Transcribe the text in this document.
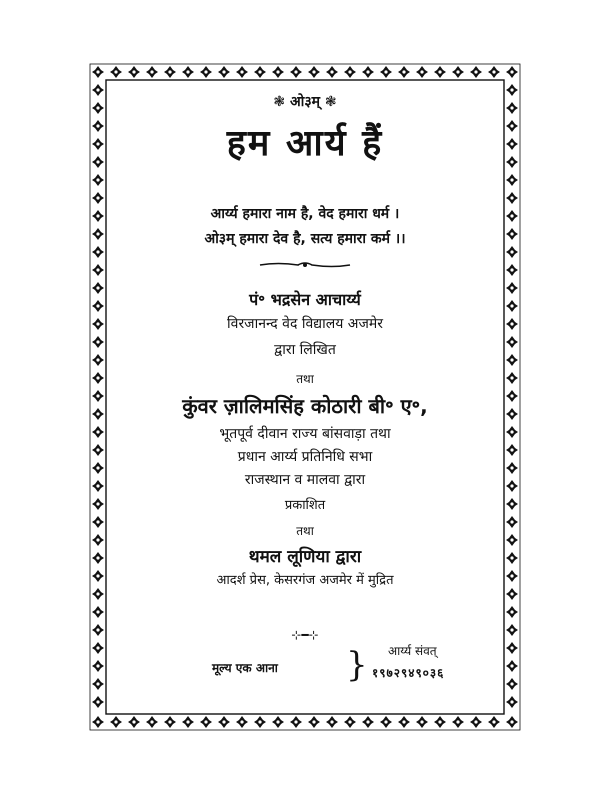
❃ ओ३म् ❃
हम आर्य हैं
आर्य्य हमारा नाम है, वेद हमारा धर्म ।
ओ३म् हमारा देव है, सत्य हमारा कर्म ।।
पं॰ भद्रसेन आचार्य्य
विरजानन्द वेद विद्यालय अजमेर
द्वारा लिखित
तथा
कुंवर ज़ालिमसिंह कोठारी बी॰ ए॰,
भूतपूर्व दीवान राज्य बांसवाड़ा तथा
प्रधान आर्य्य प्रतिनिधि सभा
राजस्थान व मालवा द्वारा
प्रकाशित
तथा
थमल लूणिया द्वारा
आदर्श प्रेस, केसरगंज अजमेर में मुद्रित
⊹━⊹
मूल्य एक आना } आर्य्य संवत्
१९७२९४९०३६
